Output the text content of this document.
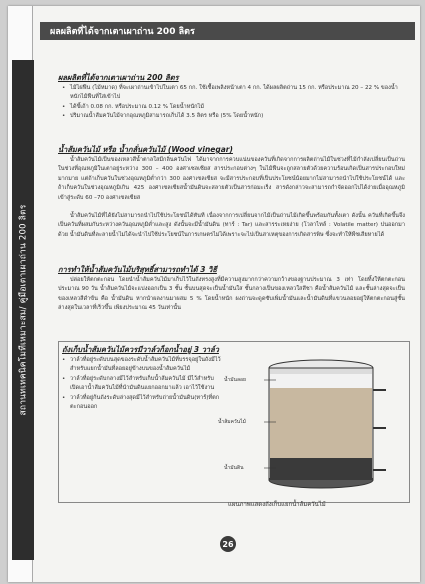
สถานทเทคนิคโมทีเหมาะสม/ คู่มือเตาเผาถ่าน 200 ลิตร
ผลผลิตที่ได้จากเตาเผาถ่าน 200 ลิตร
ผลผลิตที่ได้จากเตาเผาถ่าน 200 ลิตร
• ไม้ไผ่ฟืน (ไม้หมาด) ที่จะเผาถ่านเข้าไปในเตา 65 กก. ใช้เชื้อเพลิงหน้าเตา 4 กก. ได้ผลผลิตถ่าน 15 กก. หรือประมาณ 20 – 22 % ของน้ำหนักไม้ฟืนที่ใส่เข้าไป
• ได้ขี้เถ้า 0.08 กก. หรือประมาณ 0.12 % โดยน้ำหนักไม้
• ปริมาณน้ำส้มควันไม้จากอุณหภูมิสามารถเก็บได้ 3.5 ลิตร หรือ (5% โดยน้ำหนัก)
น้ำส้มควันไม้ หรือ น้ำกลั่นควันไม้ (Wood vinegar)
น้ำส้มควันไม้เป็นของเหลวสีน้ำตาลใสมีกลิ่นควันไฟ ได้มาจากการควบแน่นของควันที่เกิดจากการผลิตถ่านไม้ในช่วงที่ไม้กำลังเปลี่ยนเป็นถ่าน ในช่วงที่อุณหภูมิในเตาอยู่ระหว่าง 300 – 400 องศาเซลเซียส สารประกอบต่างๆ ในไม้ฟืนจะถูกสลายตัวด้วยความร้อนเกิดเป็นสารประกอบใหม่มากมาย แต่ถ้าเก็บควันในช่วงอุณหภูมิต่ำกว่า 300 องศาเซลเซียส จะมีสารประกอบที่เป็นประโยชน์น้อยมากไม่สามารถนำไปใช้ประโยชน์ได้ และถ้าเก็บควันในช่วงอุณหภูมิเกิน 425 องศาเซลเซียสน้ำมันดินจะสลายตัวเป็นสารก่อมะเร็ง สารดังกล่าวจะสามารถกำจัดออกไปได้ง่ายเมื่ออุณหภูมิเข้าสู่ระดับ 60 –70 องศาเซลเซียส
น้ำส้มควันไม้ที่ได้ยังไม่สามารถนำไปใช้ประโยชน์ได้ทันที เนื่องจากการเปลี่ยนจากไม้เป็นถ่านไม้เกิดขึ้นพร้อมกันทั้งเตา ดังนั้น ควันที่เกิดขึ้นจึงเป็นควันที่ผสมกันระหว่างควันอุณหภูมิต่ำและสูง ดังนั้นจะมีน้ำมันดิน (ทาร์ : Tar) และสารระเหยง่าย (โวลาไทล์ : Volatile matter) ปนออกมาด้วย น้ำมันดินที่ละลายน้ำไม่ได้จะนำไปใช้ประโยชน์ในการเกษตรไม่ได้เพราะจะไปเป็นสาเหตุของการเกิดสารพิษ ซึ่งจะทำให้พืชเสียหายได้
การทำให้น้ำส้มควันไม้บริสุทธิ์สามารถทำได้ 3 วิธี
ปล่อยให้ตกตะกอน โดยนำน้ำส้มควันไม้มาเก็บไว้ในถังทรงสูงที่มีความสูงมากกว่าความกว้างของฐานประมาณ 3 เท่า โดยทิ้งให้ตกตะกอนประมาณ 90 วัน น้ำส้มควันไม้จะแบ่งออกเป็น 3 ชั้น ชั้นบนสุดจะเป็นน้ำมันใส ชั้นกลางเป็นของเหลวใสสีชา คือน้ำส้มควันไม้ และชั้นล่างสุดจะเป็นของเหลวสีดำข้น คือ น้ำมันดิน หากนำผลงานมาผสม 5 % โดยน้ำหนัก ผงถ่านจะดูดซับเพิ่มน้ำมันและน้ำมันดินที่แขวนลอยอยู่ให้ตกตะกอนสู่ชั้นล่างสุดในเวลาที่เร็วขึ้น เพียงประมาณ 45 วันเท่านั้น
ถังเก็บน้ำส้มควันไม้ควรมีวาล์วก็อกน้ำอยู่ 3 วาล์ว
• วาล์วที่อยู่ระดับบนสุดของระดับน้ำส้มควันไม้ที่บรรจุอยู่ในถังมีไว้สำหรับแยกน้ำมันที่ลอยอยู่ข้างบนของน้ำส้มควันไม้
• วาล์วที่อยู่ระดับกลางมีไว้สำหรับเก็บน้ำส้มควันไม้ มีไว้สำหรับเปิดเอาน้ำส้มควันไม้ที่นำมันดินแยกออกมาแล้ว เอาไว้ใช้งาน
• วาล์วที่อยู่ก้นถังระดับล่างสุดมีไว้สำหรับถ่ายน้ำมันดิน(ทาร์)ที่ตกตะกอนออก
น้ำมันลอย
น้ำส้มควันไม้
น้ำมันดิน
แผนภาพแสดงถังเก็บแยกน้ำส้มควันไม้
26
